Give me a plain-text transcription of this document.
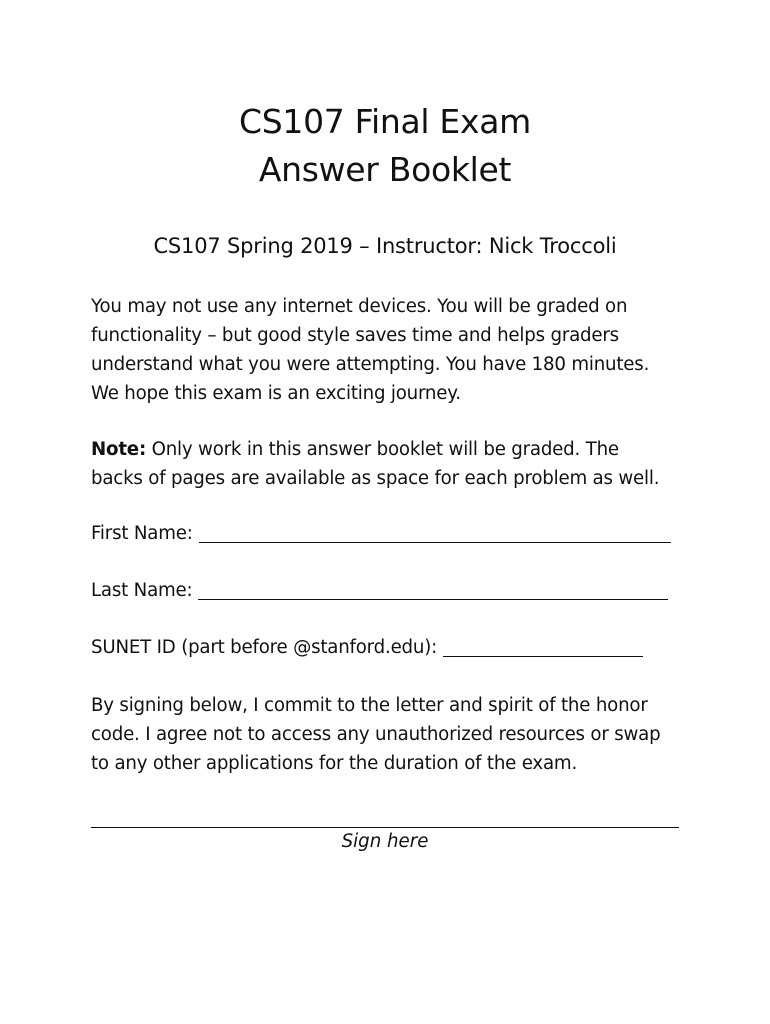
CS107 Final Exam
Answer Booklet
CS107 Spring 2019 – Instructor: Nick Troccoli
You may not use any internet devices. You will be graded on
functionality – but good style saves time and helps graders
understand what you were attempting. You have 180 minutes.
We hope this exam is an exciting journey.
Note: Only work in this answer booklet will be graded. The
backs of pages are available as space for each problem as well.
First Name:
Last Name:
SUNET ID (part before @stanford.edu):
By signing below, I commit to the letter and spirit of the honor
code. I agree not to access any unauthorized resources or swap
to any other applications for the duration of the exam.
Sign here
